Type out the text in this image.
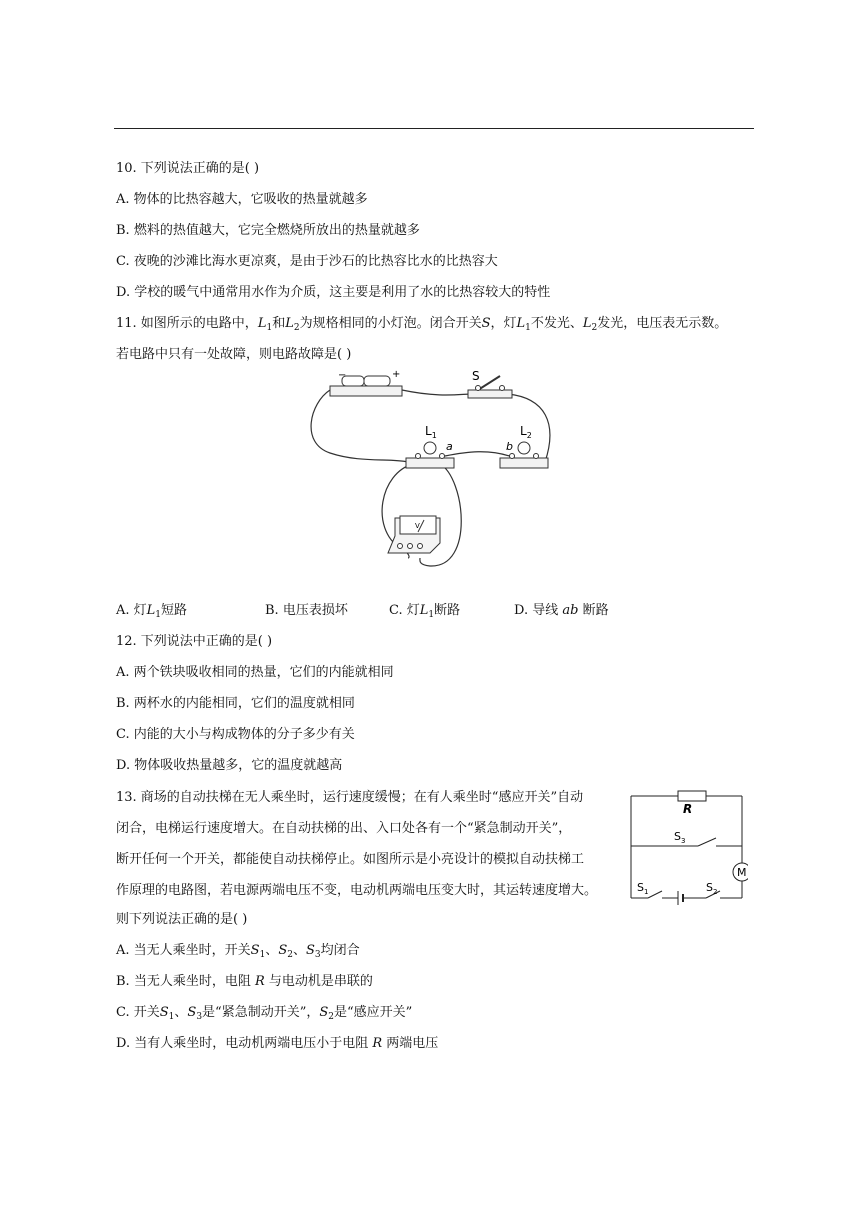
10. 下列说法正确的是( )
A. 物体的比热容越大，它吸收的热量就越多
B. 燃料的热值越大，它完全燃烧所放出的热量就越多
C. 夜晚的沙滩比海水更凉爽，是由于沙石的比热容比水的比热容大
D. 学校的暖气中通常用水作为介质，这主要是利用了水的比热容较大的特性
11. 如图所示的电路中，$L_1$和$L_2$为规格相同的小灯泡。闭合开关S，灯$L_1$不发光、$L_2$发光，电压表无示数。
若电路中只有一处故障，则电路故障是( )
−	+	S
$L_1$
a
$L_2$
b
V
A. 灯$L_1$短路	B. 电压表损坏	C. 灯$L_1$断路	D. 导线 ab 断路
12. 下列说法中正确的是( )
A. 两个铁块吸收相同的热量，它们的内能就相同
B. 两杯水的内能相同，它们的温度就相同
C. 内能的大小与构成物体的分子多少有关
D. 物体吸收热量越多，它的温度就越高
13. 商场的自动扶梯在无人乘坐时，运行速度缓慢；在有人乘坐时“感应开关”自动
闭合，电梯运行速度增大。在自动扶梯的出、入口处各有一个“紧急制动开关”，
断开任何一个开关，都能使自动扶梯停止。如图所示是小亮设计的模拟自动扶梯工
作原理的电路图，若电源两端电压不变，电动机两端电压变大时，其运转速度增大。
则下列说法正确的是( )
R
$S_3$
M
$S_1$	$S_2$
A. 当无人乘坐时，开关$S_1$、$S_2$、$S_3$均闭合
B. 当无人乘坐时，电阻 R 与电动机是串联的
C. 开关$S_1$、$S_3$是“紧急制动开关”，$S_2$是“感应开关”
D. 当有人乘坐时，电动机两端电压小于电阻 R 两端电压
